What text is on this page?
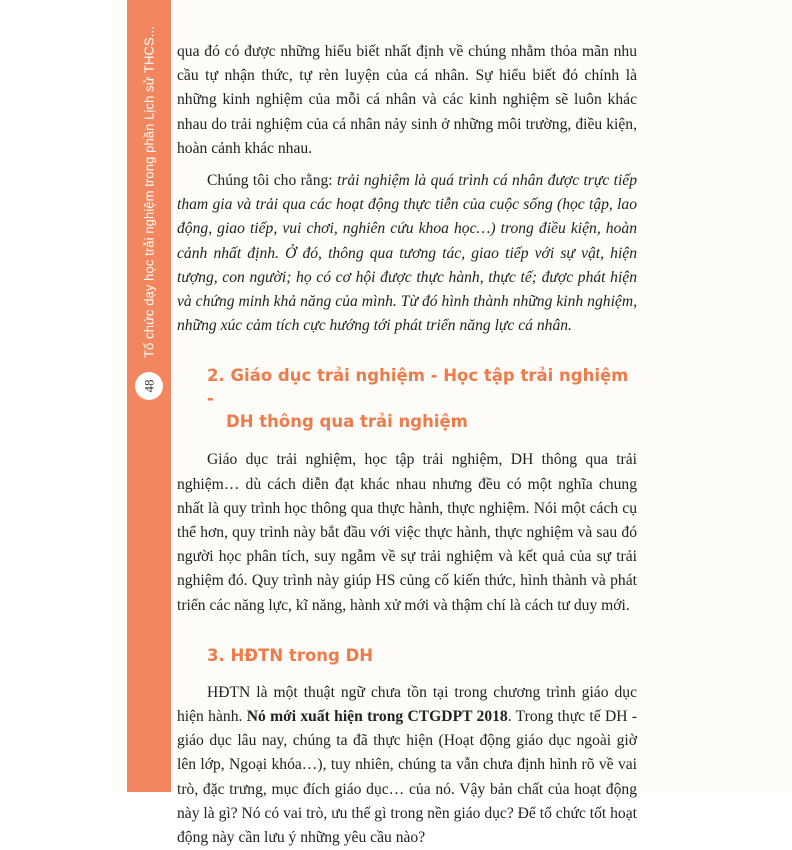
Tổ chức dạy học trải nghiệm trong phần Lịch sử THCS...
48

qua đó có được những hiểu biết nhất định về chúng nhằm thỏa mãn nhu cầu tự nhận thức, tự rèn luyện của cá nhân. Sự hiểu biết đó chính là những kinh nghiệm của mỗi cá nhân và các kinh nghiệm sẽ luôn khác nhau do trải nghiệm của cá nhân nảy sinh ở những môi trường, điều kiện, hoàn cảnh khác nhau.

Chúng tôi cho rằng: trải nghiệm là quá trình cá nhân được trực tiếp tham gia và trải qua các hoạt động thực tiễn của cuộc sống (học tập, lao động, giao tiếp, vui chơi, nghiên cứu khoa học…) trong điều kiện, hoàn cảnh nhất định. Ở đó, thông qua tương tác, giao tiếp với sự vật, hiện tượng, con người; họ có cơ hội được thực hành, thực tế; được phát hiện và chứng minh khả năng của mình. Từ đó hình thành những kinh nghiệm, những xúc cảm tích cực hướng tới phát triển năng lực cá nhân.

2. Giáo dục trải nghiệm - Học tập trải nghiệm -
DH thông qua trải nghiệm

Giáo dục trải nghiệm, học tập trải nghiệm, DH thông qua trải nghiệm… dù cách diễn đạt khác nhau nhưng đều có một nghĩa chung nhất là quy trình học thông qua thực hành, thực nghiệm. Nói một cách cụ thể hơn, quy trình này bắt đầu với việc thực hành, thực nghiệm và sau đó người học phân tích, suy ngẫm về sự trải nghiệm và kết quả của sự trải nghiệm đó. Quy trình này giúp HS củng cố kiến thức, hình thành và phát triển các năng lực, kĩ năng, hành xử mới và thậm chí là cách tư duy mới.

3. HĐTN trong DH

HĐTN là một thuật ngữ chưa tồn tại trong chương trình giáo dục hiện hành. Nó mới xuất hiện trong CTGDPT 2018. Trong thực tế DH - giáo dục lâu nay, chúng ta đã thực hiện (Hoạt động giáo dục ngoài giờ lên lớp, Ngoại khóa…), tuy nhiên, chúng ta vẫn chưa định hình rõ về vai trò, đặc trưng, mục đích giáo dục… của nó. Vậy bản chất của hoạt động này là gì? Nó có vai trò, ưu thế gì trong nền giáo dục? Để tổ chức tốt hoạt động này cần lưu ý những yêu cầu nào?
